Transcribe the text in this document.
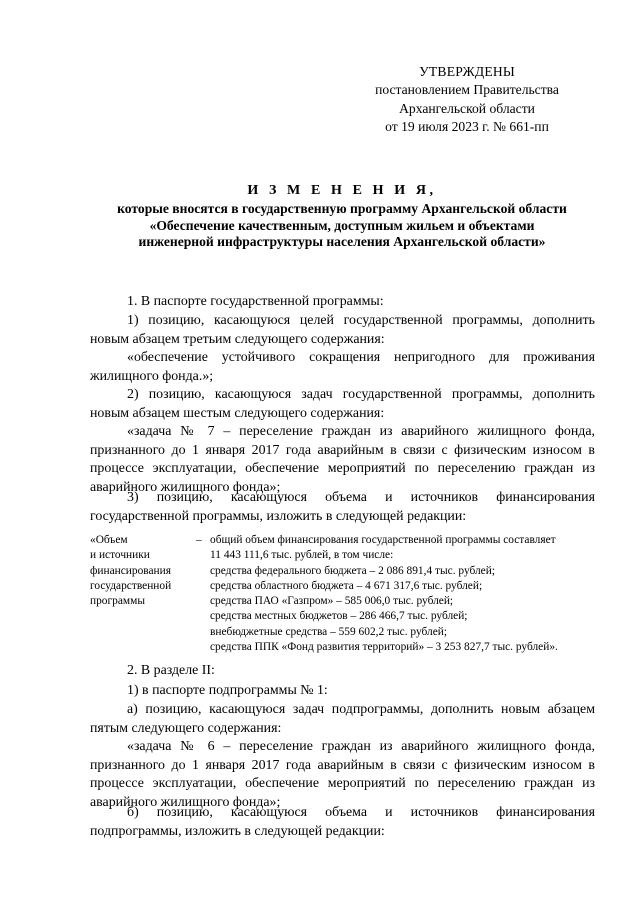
УТВЕРЖДЕНЫ
постановлением Правительства
Архангельской области
от 19 июля 2023 г. № 661-пп
И З М Е Н Е Н И Я,
которые вносятся в государственную программу Архангельской области
«Обеспечение качественным, доступным жильем и объектами
инженерной инфраструктуры населения Архангельской области»
1. В паспорте государственной программы:
1) позицию, касающуюся целей государственной программы, дополнить новым абзацем третьим следующего содержания:
«обеспечение устойчивого сокращения непригодного для проживания жилищного фонда.»;
2) позицию, касающуюся задач государственной программы, дополнить новым абзацем шестым следующего содержания:
«задача № 7 – переселение граждан из аварийного жилищного фонда, признанного до 1 января 2017 года аварийным в связи с физическим износом в процессе эксплуатации, обеспечение мероприятий по переселению граждан из аварийного жилищного фонда»;
3) позицию, касающуюся объема и источников финансирования государственной программы, изложить в следующей редакции:
«Объем
и источники
финансирования
государственной
программы
– общий объем финансирования государственной программы составляет
11 443 111,6 тыс. рублей, в том числе:
средства федерального бюджета – 2 086 891,4 тыс. рублей;
средства областного бюджета – 4 671 317,6 тыс. рублей;
средства ПАО «Газпром» – 585 006,0 тыс. рублей;
средства местных бюджетов – 286 466,7 тыс. рублей;
внебюджетные средства – 559 602,2 тыс. рублей;
средства ППК «Фонд развития территорий» – 3 253 827,7 тыс. рублей».
2. В разделе II:
1) в паспорте подпрограммы № 1:
а) позицию, касающуюся задач подпрограммы, дополнить новым абзацем пятым следующего содержания:
«задача № 6 – переселение граждан из аварийного жилищного фонда, признанного до 1 января 2017 года аварийным в связи с физическим износом в процессе эксплуатации, обеспечение мероприятий по переселению граждан из аварийного жилищного фонда»;
б) позицию, касающуюся объема и источников финансирования подпрограммы, изложить в следующей редакции:
